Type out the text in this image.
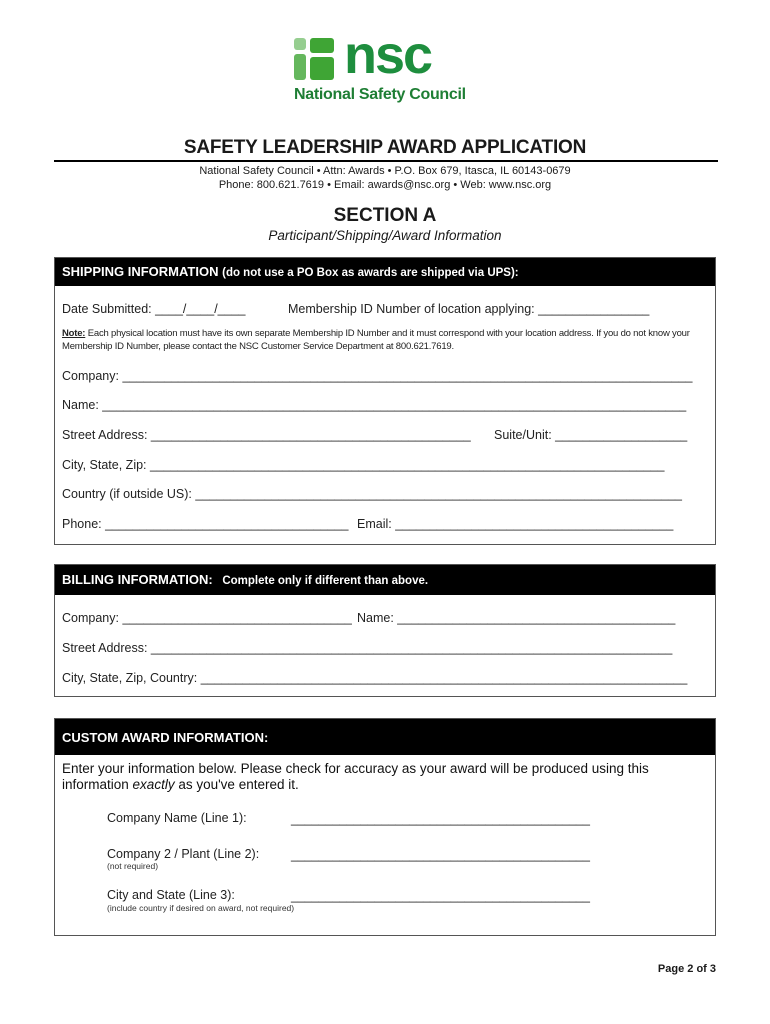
nsc
National Safety Council
SAFETY LEADERSHIP AWARD APPLICATION
National Safety Council • Attn: Awards • P.O. Box 679, Itasca, IL 60143-0679
Phone: 800.621.7619 • Email: awards@nsc.org • Web: www.nsc.org
SECTION A
Participant/Shipping/Award Information
SHIPPING INFORMATION (do not use a PO Box as awards are shipped via UPS):
Date Submitted: ____/____/____	Membership ID Number of location applying: ________________
Note: Each physical location must have its own separate Membership ID Number and it must correspond with your location address. If you do not know your
Membership ID Number, please contact the NSC Customer Service Department at 800.621.7619.
Company: __________________________________________________________________________________
Name: ____________________________________________________________________________________
Street Address: ______________________________________________ Suite/Unit: ___________________
City, State, Zip: __________________________________________________________________________
Country (if outside US): ______________________________________________________________________
Phone: ___________________________________ Email: ________________________________________
BILLING INFORMATION: Complete only if different than above.
Company: _________________________________ Name: ________________________________________
Street Address: ___________________________________________________________________________
City, State, Zip, Country: ______________________________________________________________________
CUSTOM AWARD INFORMATION:
Enter your information below. Please check for accuracy as your award will be produced using this
information exactly as you've entered it.
Company Name (Line 1):	___________________________________________
Company 2 / Plant (Line 2):
(not required)
___________________________________________
City and State (Line 3):
(include country if desired on award, not required)
___________________________________________
Page 2 of 3
